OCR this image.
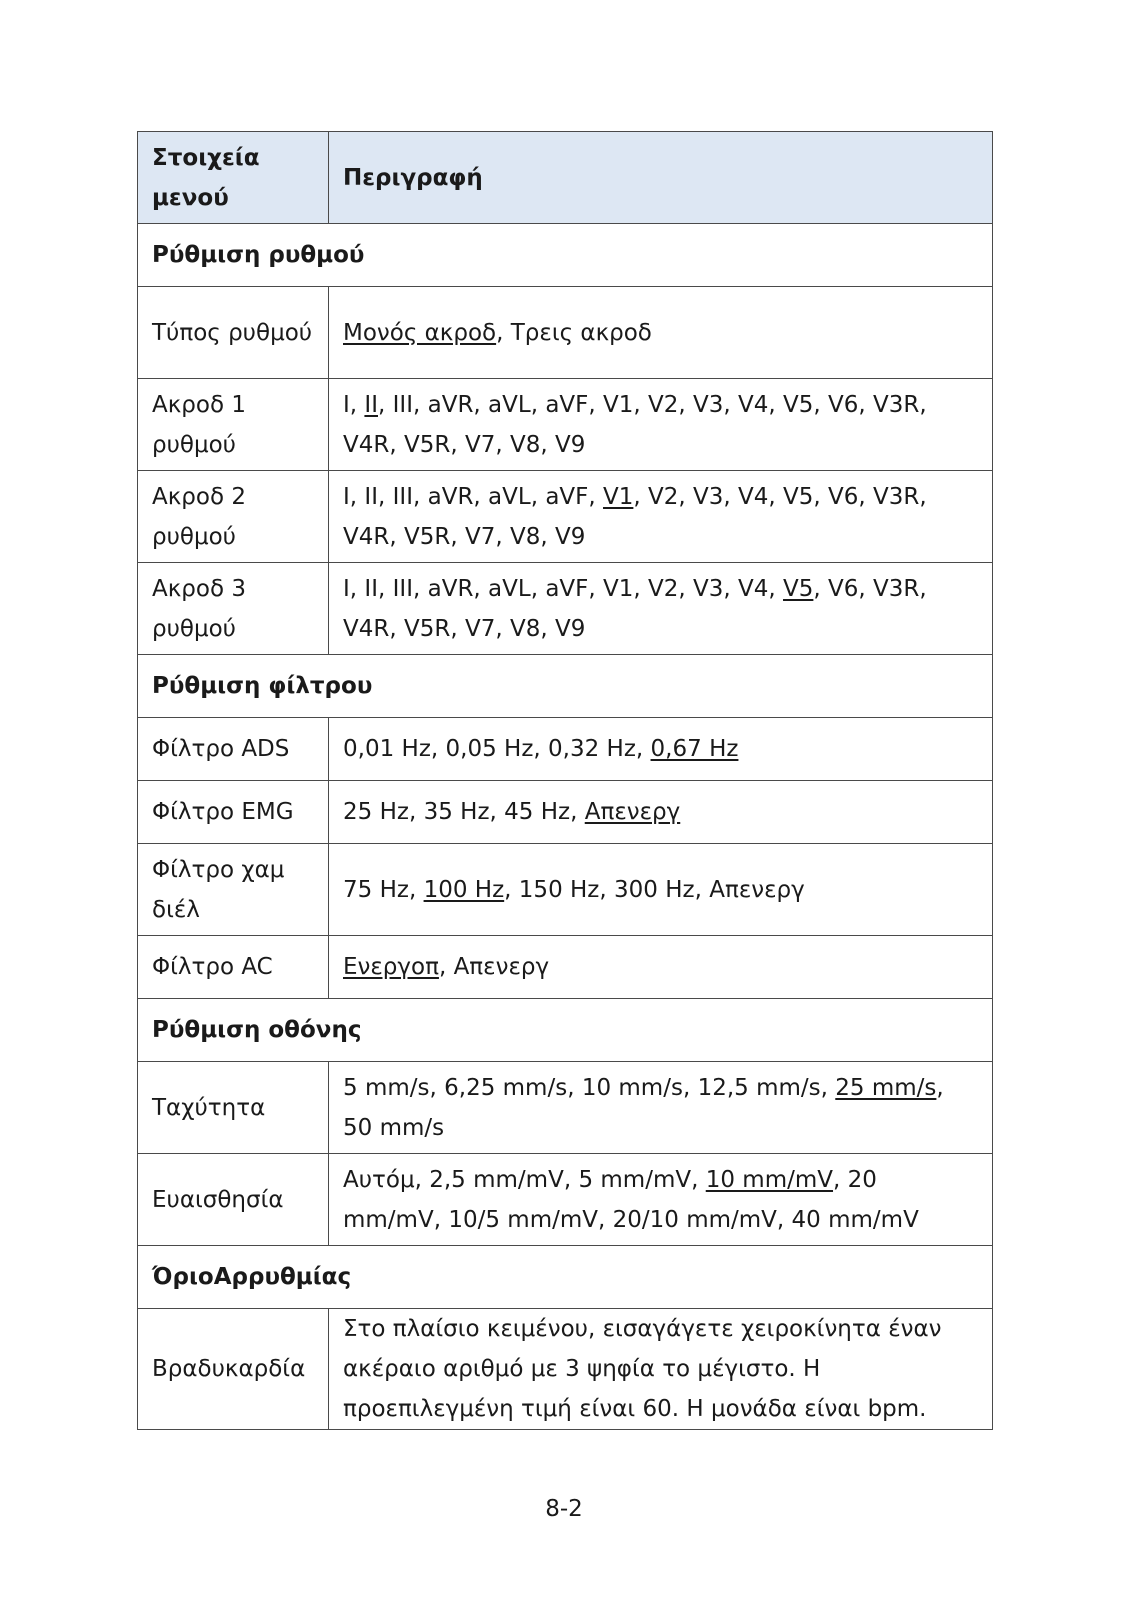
Στοιχεία μενού	Περιγραφή
Ρύθμιση ρυθμού	
Τύπος ρυθμού	Μονός ακροδ, Τρεις ακροδ
Ακροδ 1 ρυθμού	I, II, III, aVR, aVL, aVF, V1, V2, V3, V4, V5, V6, V3R, V4R, V5R, V7, V8, V9
Ακροδ 2 ρυθμού	I, II, III, aVR, aVL, aVF, V1, V2, V3, V4, V5, V6, V3R, V4R, V5R, V7, V8, V9
Ακροδ 3 ρυθμού	I, II, III, aVR, aVL, aVF, V1, V2, V3, V4, V5, V6, V3R, V4R, V5R, V7, V8, V9
Ρύθμιση φίλτρου	
Φίλτρο ADS	0,01 Hz, 0,05 Hz, 0,32 Hz, 0,67 Hz
Φίλτρο EMG	25 Hz, 35 Hz, 45 Hz, Απενεργ
Φίλτρο χαμ διέλ	75 Hz, 100 Hz, 150 Hz, 300 Hz, Απενεργ
Φίλτρο AC	Ενεργοπ, Απενεργ
Ρύθμιση οθόνης	
Ταχύτητα	5 mm/s, 6,25 mm/s, 10 mm/s, 12,5 mm/s, 25 mm/s, 50 mm/s
Ευαισθησία	Αυτόμ, 2,5 mm/mV, 5 mm/mV, 10 mm/mV, 20 mm/mV, 10/5 mm/mV, 20/10 mm/mV, 40 mm/mV
ΌριοΑρρυθμίας	
Βραδυκαρδία	Στο πλαίσιο κειμένου, εισαγάγετε χειροκίνητα έναν ακέραιο αριθμό με 3 ψηφία το μέγιστο. Η προεπιλεγμένη τιμή είναι 60. Η μονάδα είναι bpm.
8-2
